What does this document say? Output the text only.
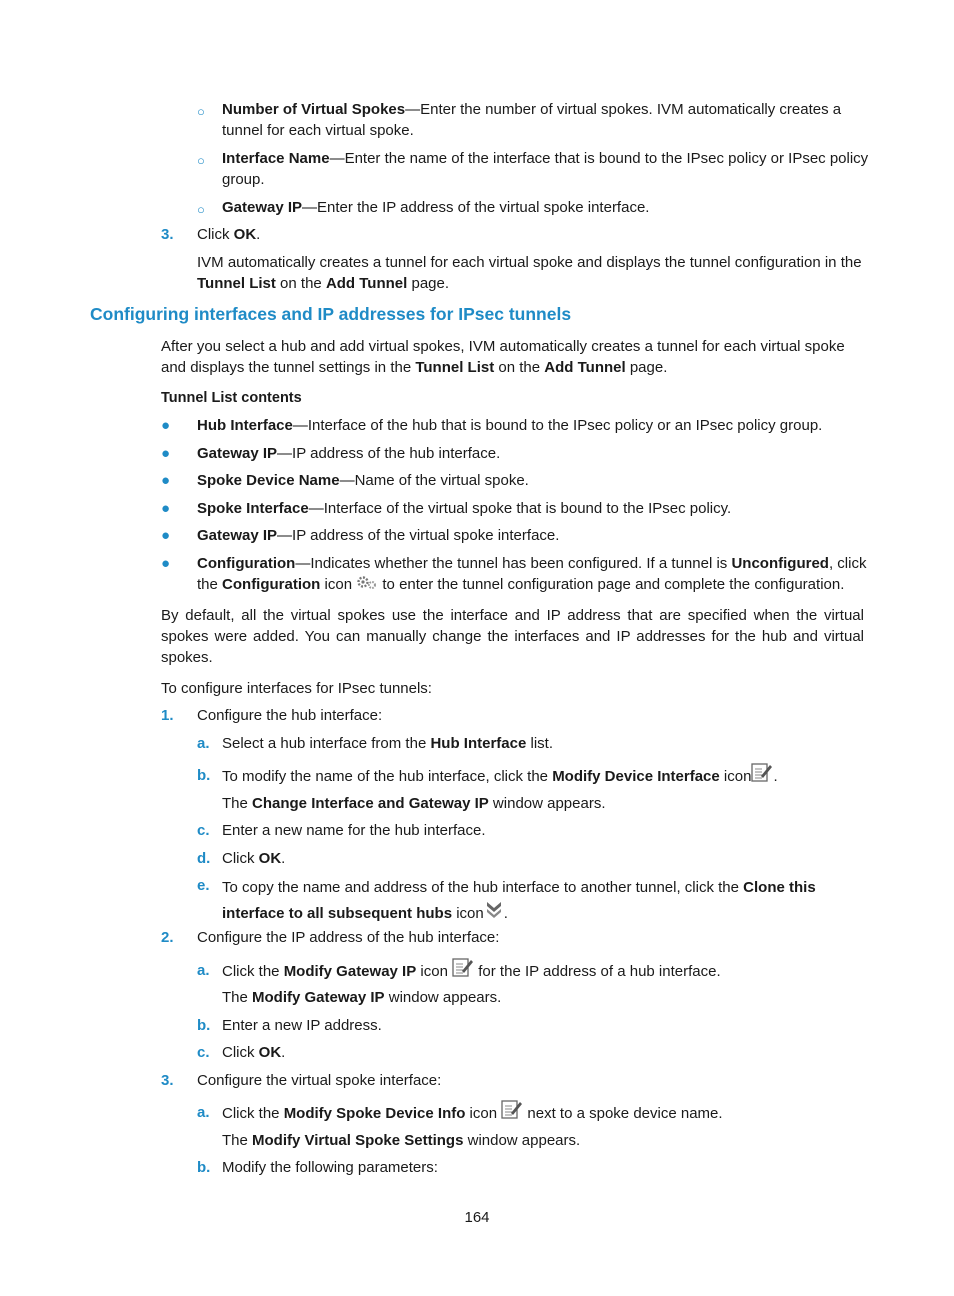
○ Number of Virtual Spokes—Enter the number of virtual spokes. IVM automatically creates a tunnel for each virtual spoke.
○ Interface Name—Enter the name of the interface that is bound to the IPsec policy or IPsec policy group.
○ Gateway IP—Enter the IP address of the virtual spoke interface.
3. Click OK.
IVM automatically creates a tunnel for each virtual spoke and displays the tunnel configuration in the Tunnel List on the Add Tunnel page.
Configuring interfaces and IP addresses for IPsec tunnels
After you select a hub and add virtual spokes, IVM automatically creates a tunnel for each virtual spoke and displays the tunnel settings in the Tunnel List on the Add Tunnel page.
Tunnel List contents
● Hub Interface—Interface of the hub that is bound to the IPsec policy or an IPsec policy group.
● Gateway IP—IP address of the hub interface.
● Spoke Device Name—Name of the virtual spoke.
● Spoke Interface—Interface of the virtual spoke that is bound to the IPsec policy.
● Gateway IP—IP address of the virtual spoke interface.
● Configuration—Indicates whether the tunnel has been configured. If a tunnel is Unconfigured, click the Configuration icon  to enter the tunnel configuration page and complete the configuration.
By default, all the virtual spokes use the interface and IP address that are specified when the virtual spokes were added. You can manually change the interfaces and IP addresses for the hub and virtual spokes.
To configure interfaces for IPsec tunnels:
1. Configure the hub interface:
a. Select a hub interface from the Hub Interface list.
b. To modify the name of the hub interface, click the Modify Device Interface icon .
The Change Interface and Gateway IP window appears.
c. Enter a new name for the hub interface.
d. Click OK.
e. To copy the name and address of the hub interface to another tunnel, click the Clone this interface to all subsequent hubs icon .
2. Configure the IP address of the hub interface:
a. Click the Modify Gateway IP icon  for the IP address of a hub interface.
The Modify Gateway IP window appears.
b. Enter a new IP address.
c. Click OK.
3. Configure the virtual spoke interface:
a. Click the Modify Spoke Device Info icon  next to a spoke device name.
The Modify Virtual Spoke Settings window appears.
b. Modify the following parameters:
164
